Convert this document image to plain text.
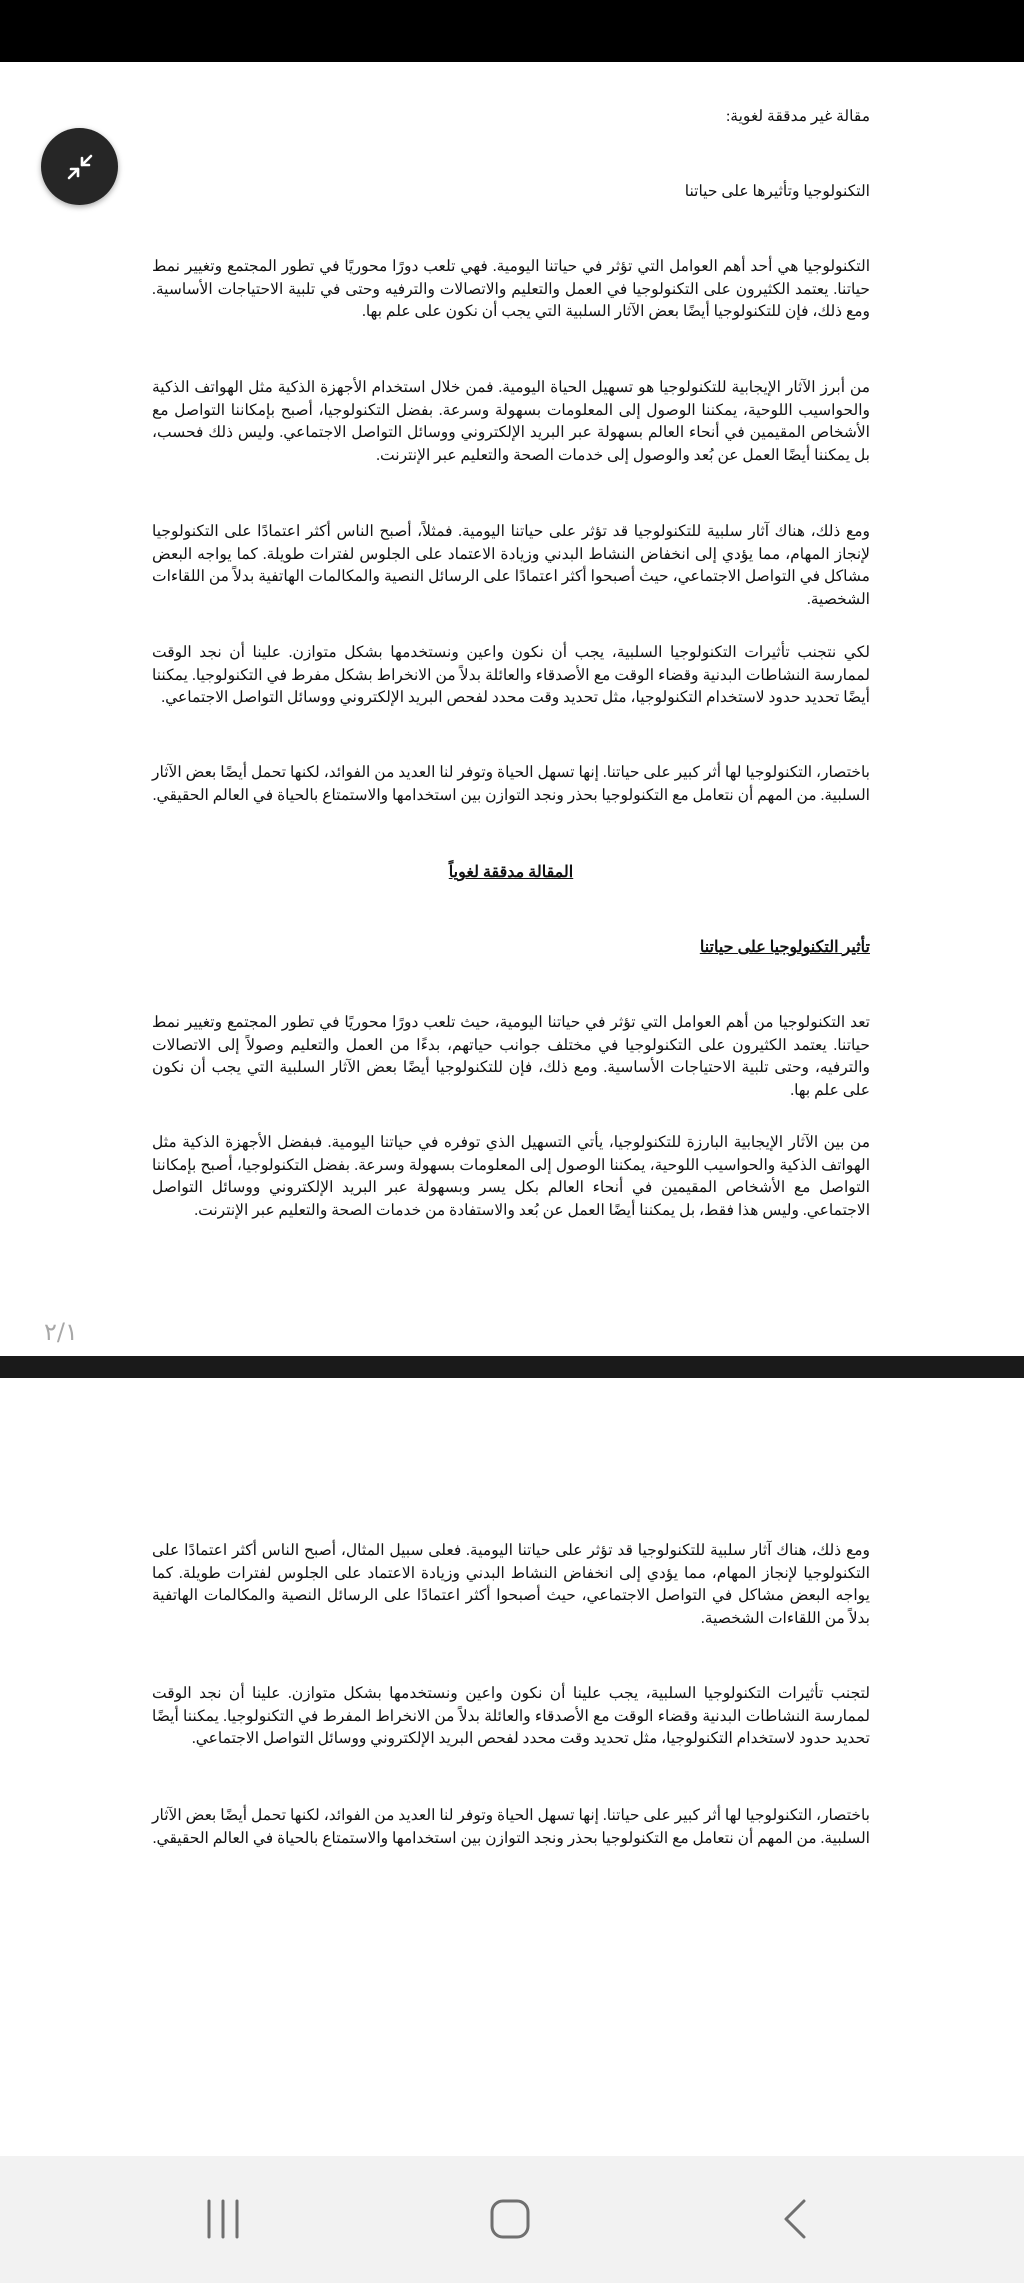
مقالة غير مدققة لغوية:
التكنولوجيا وتأثيرها على حياتنا
التكنولوجيا هي أحد أهم العوامل التي تؤثر في حياتنا اليومية. فهي تلعب دورًا محوريًا في تطور المجتمع وتغيير نمط حياتنا. يعتمد الكثيرون على التكنولوجيا في العمل والتعليم والاتصالات والترفيه وحتى في تلبية الاحتياجات الأساسية. ومع ذلك، فإن للتكنولوجيا أيضًا بعض الآثار السلبية التي يجب أن نكون على علم بها.
من أبرز الآثار الإيجابية للتكنولوجيا هو تسهيل الحياة اليومية. فمن خلال استخدام الأجهزة الذكية مثل الهواتف الذكية والحواسيب اللوحية، يمكننا الوصول إلى المعلومات بسهولة وسرعة. بفضل التكنولوجيا، أصبح بإمكاننا التواصل مع الأشخاص المقيمين في أنحاء العالم بسهولة عبر البريد الإلكتروني ووسائل التواصل الاجتماعي. وليس ذلك فحسب، بل يمكننا أيضًا العمل عن بُعد والوصول إلى خدمات الصحة والتعليم عبر الإنترنت.
ومع ذلك، هناك آثار سلبية للتكنولوجيا قد تؤثر على حياتنا اليومية. فمثلاً، أصبح الناس أكثر اعتمادًا على التكنولوجيا لإنجاز المهام، مما يؤدي إلى انخفاض النشاط البدني وزيادة الاعتماد على الجلوس لفترات طويلة. كما يواجه البعض مشاكل في التواصل الاجتماعي، حيث أصبحوا أكثر اعتمادًا على الرسائل النصية والمكالمات الهاتفية بدلاً من اللقاءات الشخصية.
لكي نتجنب تأثيرات التكنولوجيا السلبية، يجب أن نكون واعين ونستخدمها بشكل متوازن. علينا أن نجد الوقت لممارسة النشاطات البدنية وقضاء الوقت مع الأصدقاء والعائلة بدلاً من الانخراط بشكل مفرط في التكنولوجيا. يمكننا أيضًا تحديد حدود لاستخدام التكنولوجيا، مثل تحديد وقت محدد لفحص البريد الإلكتروني ووسائل التواصل الاجتماعي.
باختصار، التكنولوجيا لها أثر كبير على حياتنا. إنها تسهل الحياة وتوفر لنا العديد من الفوائد، لكنها تحمل أيضًا بعض الآثار السلبية. من المهم أن نتعامل مع التكنولوجيا بحذر ونجد التوازن بين استخدامها والاستمتاع بالحياة في العالم الحقيقي.
المقالة مدققة لغوياً
تأثير التكنولوجيا على حياتنا
تعد التكنولوجيا من أهم العوامل التي تؤثر في حياتنا اليومية، حيث تلعب دورًا محوريًا في تطور المجتمع وتغيير نمط حياتنا. يعتمد الكثيرون على التكنولوجيا في مختلف جوانب حياتهم، بدءًا من العمل والتعليم وصولاً إلى الاتصالات والترفيه، وحتى تلبية الاحتياجات الأساسية. ومع ذلك، فإن للتكنولوجيا أيضًا بعض الآثار السلبية التي يجب أن نكون على علم بها.
من بين الآثار الإيجابية البارزة للتكنولوجيا، يأتي التسهيل الذي توفره في حياتنا اليومية. فبفضل الأجهزة الذكية مثل الهواتف الذكية والحواسيب اللوحية، يمكننا الوصول إلى المعلومات بسهولة وسرعة. بفضل التكنولوجيا، أصبح بإمكاننا التواصل مع الأشخاص المقيمين في أنحاء العالم بكل يسر وبسهولة عبر البريد الإلكتروني ووسائل التواصل الاجتماعي. وليس هذا فقط، بل يمكننا أيضًا العمل عن بُعد والاستفادة من خدمات الصحة والتعليم عبر الإنترنت.
٢/١
ومع ذلك، هناك آثار سلبية للتكنولوجيا قد تؤثر على حياتنا اليومية. فعلى سبيل المثال، أصبح الناس أكثر اعتمادًا على التكنولوجيا لإنجاز المهام، مما يؤدي إلى انخفاض النشاط البدني وزيادة الاعتماد على الجلوس لفترات طويلة. كما يواجه البعض مشاكل في التواصل الاجتماعي، حيث أصبحوا أكثر اعتمادًا على الرسائل النصية والمكالمات الهاتفية بدلاً من اللقاءات الشخصية.
لتجنب تأثيرات التكنولوجيا السلبية، يجب علينا أن نكون واعين ونستخدمها بشكل متوازن. علينا أن نجد الوقت لممارسة النشاطات البدنية وقضاء الوقت مع الأصدقاء والعائلة بدلاً من الانخراط المفرط في التكنولوجيا. يمكننا أيضًا تحديد حدود لاستخدام التكنولوجيا، مثل تحديد وقت محدد لفحص البريد الإلكتروني ووسائل التواصل الاجتماعي.
باختصار، التكنولوجيا لها أثر كبير على حياتنا. إنها تسهل الحياة وتوفر لنا العديد من الفوائد، لكنها تحمل أيضًا بعض الآثار السلبية. من المهم أن نتعامل مع التكنولوجيا بحذر ونجد التوازن بين استخدامها والاستمتاع بالحياة في العالم الحقيقي.
